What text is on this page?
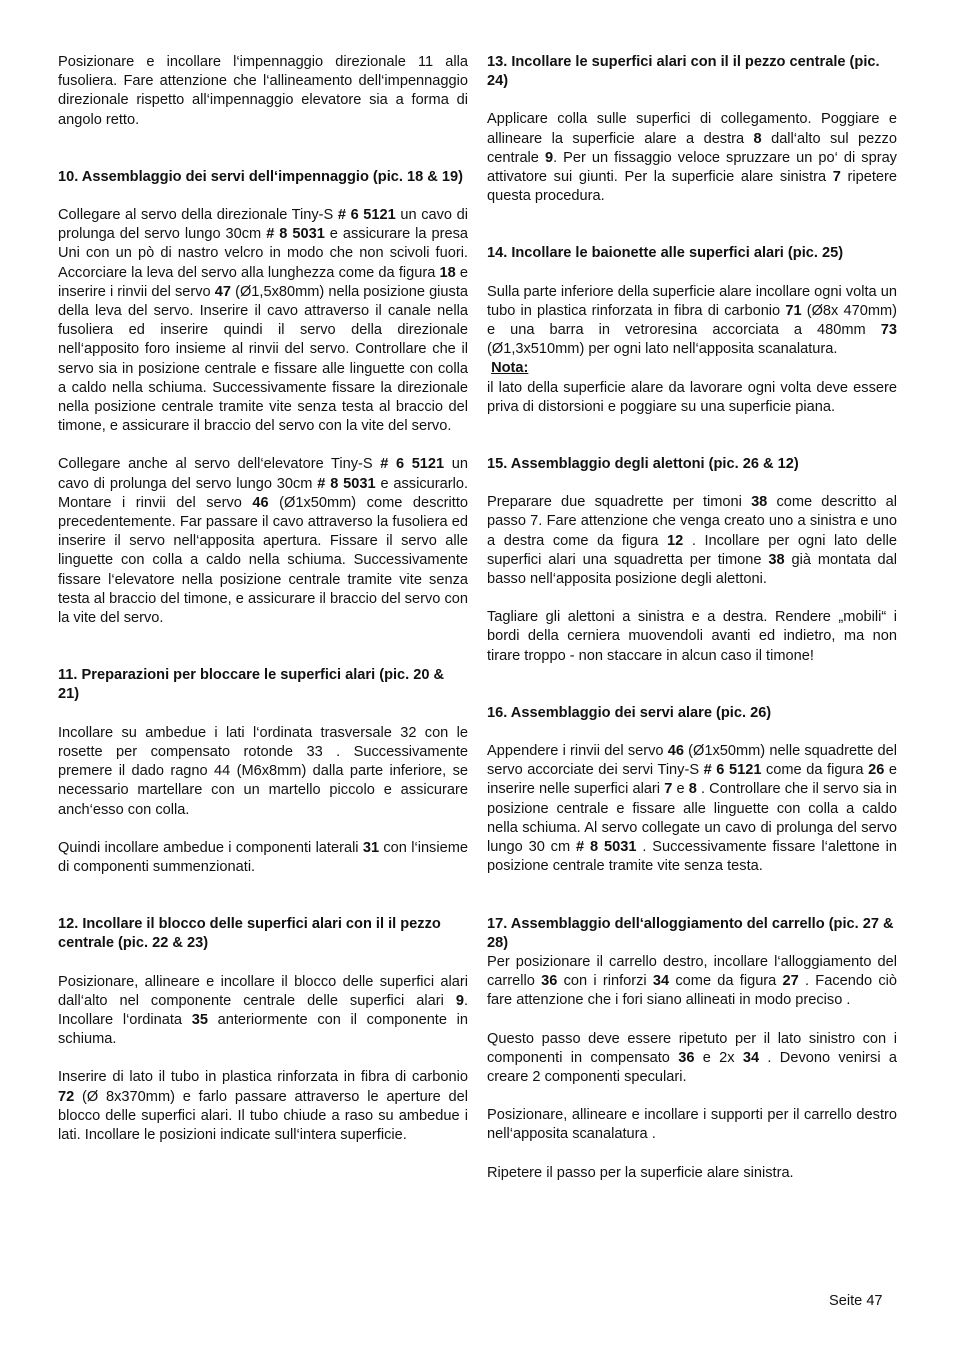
Posizionare e incollare l‘impennaggio direzionale 11 alla fusoliera. Fare attenzione che l‘allineamento dell‘impennaggio direzionale rispetto all‘impennaggio elevatore sia a forma di angolo retto.

10. Assemblaggio dei servi dell‘impennaggio (pic. 18 & 19)

Collegare al servo della direzionale Tiny-S # 6 5121 un cavo di prolunga del servo lungo 30cm # 8 5031 e assicurare la presa Uni con un pò di nastro velcro in modo che non scivoli fuori. Accorciare la leva del servo alla lunghezza come da figura 18 e inserire i rinvii del servo 47 (Ø1,5x80mm) nella posizione giusta della leva del servo. Inserire il cavo attraverso il canale nella fusoliera ed inserire quindi il servo della direzionale nell‘apposito foro insieme al rinvii del servo. Controllare che il servo sia in posizione centrale e fissare alle linguette con colla a caldo nella schiuma. Successivamente fissare la direzionale nella posizione centrale tramite vite senza testa al braccio del timone, e assicurare il braccio del servo con la vite del servo.

Collegare anche al servo dell‘elevatore Tiny-S # 6 5121 un cavo di prolunga del servo lungo 30cm # 8 5031 e assicurarlo. Montare i rinvii del servo 46 (Ø1x50mm) come descritto precedentemente. Far passare il cavo attraverso la fusoliera ed inserire il servo nell‘apposita apertura. Fissare il servo alle linguette con colla a caldo nella schiuma. Successivamente fissare l‘elevatore nella posizione centrale tramite vite senza testa al braccio del timone, e assicurare il braccio del servo con la vite del servo.

11. Preparazioni per bloccare le superfici alari (pic. 20 & 21)

Incollare su ambedue i lati l‘ordinata trasversale 32 con le rosette per compensato rotonde 33 . Successivamente premere il dado ragno 44 (M6x8mm) dalla parte inferiore, se necessario martellare con un martello piccolo e assicurare anch‘esso con colla.

Quindi incollare ambedue i componenti laterali 31 con l‘insieme di componenti summenzionati.

12. Incollare il blocco delle superfici alari con il il pezzo centrale (pic. 22 & 23)

Posizionare, allineare e incollare il blocco delle superfici alari dall‘alto nel componente centrale delle superfici alari 9. Incollare l‘ordinata 35 anteriormente con il componente in schiuma.

Inserire di lato il tubo in plastica rinforzata in fibra di carbonio 72 (Ø 8x370mm) e farlo passare attraverso le aperture del blocco delle superfici alari. Il tubo chiude a raso su ambedue i lati. Incollare le posizioni indicate sull‘intera superficie.

13. Incollare le superfici alari con il il pezzo centrale (pic. 24)

Applicare colla sulle superfici di collegamento. Poggiare e allineare la superficie alare a destra 8 dall‘alto sul pezzo centrale 9. Per un fissaggio veloce spruzzare un po‘ di spray attivatore sui giunti. Per la superficie alare sinistra 7 ripetere questa procedura.

14. Incollare le baionette alle superfici alari (pic. 25)

Sulla parte inferiore della superficie alare incollare ogni volta un tubo in plastica rinforzata in fibra di carbonio 71 (Ø8x 470mm) e una barra in vetroresina accorciata a 480mm 73 (Ø1,3x510mm) per ogni lato nell‘apposita scanalatura.

Nota:
il lato della superficie alare da lavorare ogni volta deve essere priva di distorsioni e poggiare su una superficie piana.

15. Assemblaggio degli alettoni (pic. 26 & 12)

Preparare due squadrette per timoni 38 come descritto al passo 7. Fare attenzione che venga creato uno a sinistra e uno a destra come da figura 12 . Incollare per ogni lato delle superfici alari una squadretta per timone 38 già montata dal basso nell‘apposita posizione degli alettoni.

Tagliare gli alettoni a sinistra e a destra. Rendere „mobili“ i bordi della cerniera muovendoli avanti ed indietro, ma non tirare troppo - non staccare in alcun caso il timone!

16. Assemblaggio dei servi alare (pic. 26)

Appendere i rinvii del servo 46 (Ø1x50mm) nelle squadrette del servo accorciate dei servi Tiny-S # 6 5121 come da figura 26 e inserire nelle superfici alari 7 e 8 . Controllare che il servo sia in posizione centrale e fissare alle linguette con colla a caldo nella schiuma. Al servo collegate un cavo di prolunga del servo lungo 30 cm # 8 5031 . Successivamente fissare l‘alettone in posizione centrale tramite vite senza testa.

17. Assemblaggio dell‘alloggiamento del carrello (pic. 27 & 28)

Per posizionare il carrello destro, incollare l‘alloggiamento del carrello 36 con i rinforzi 34 come da figura 27 . Facendo ciò fare attenzione che i fori siano allineati in modo preciso .

Questo passo deve essere ripetuto per il lato sinistro con i componenti in compensato 36 e 2x 34 . Devono venirsi a creare 2 componenti speculari.

Posizionare, allineare e incollare i supporti per il carrello destro nell‘apposita scanalatura .

Ripetere il passo per la superficie alare sinistra.

Seite 47
